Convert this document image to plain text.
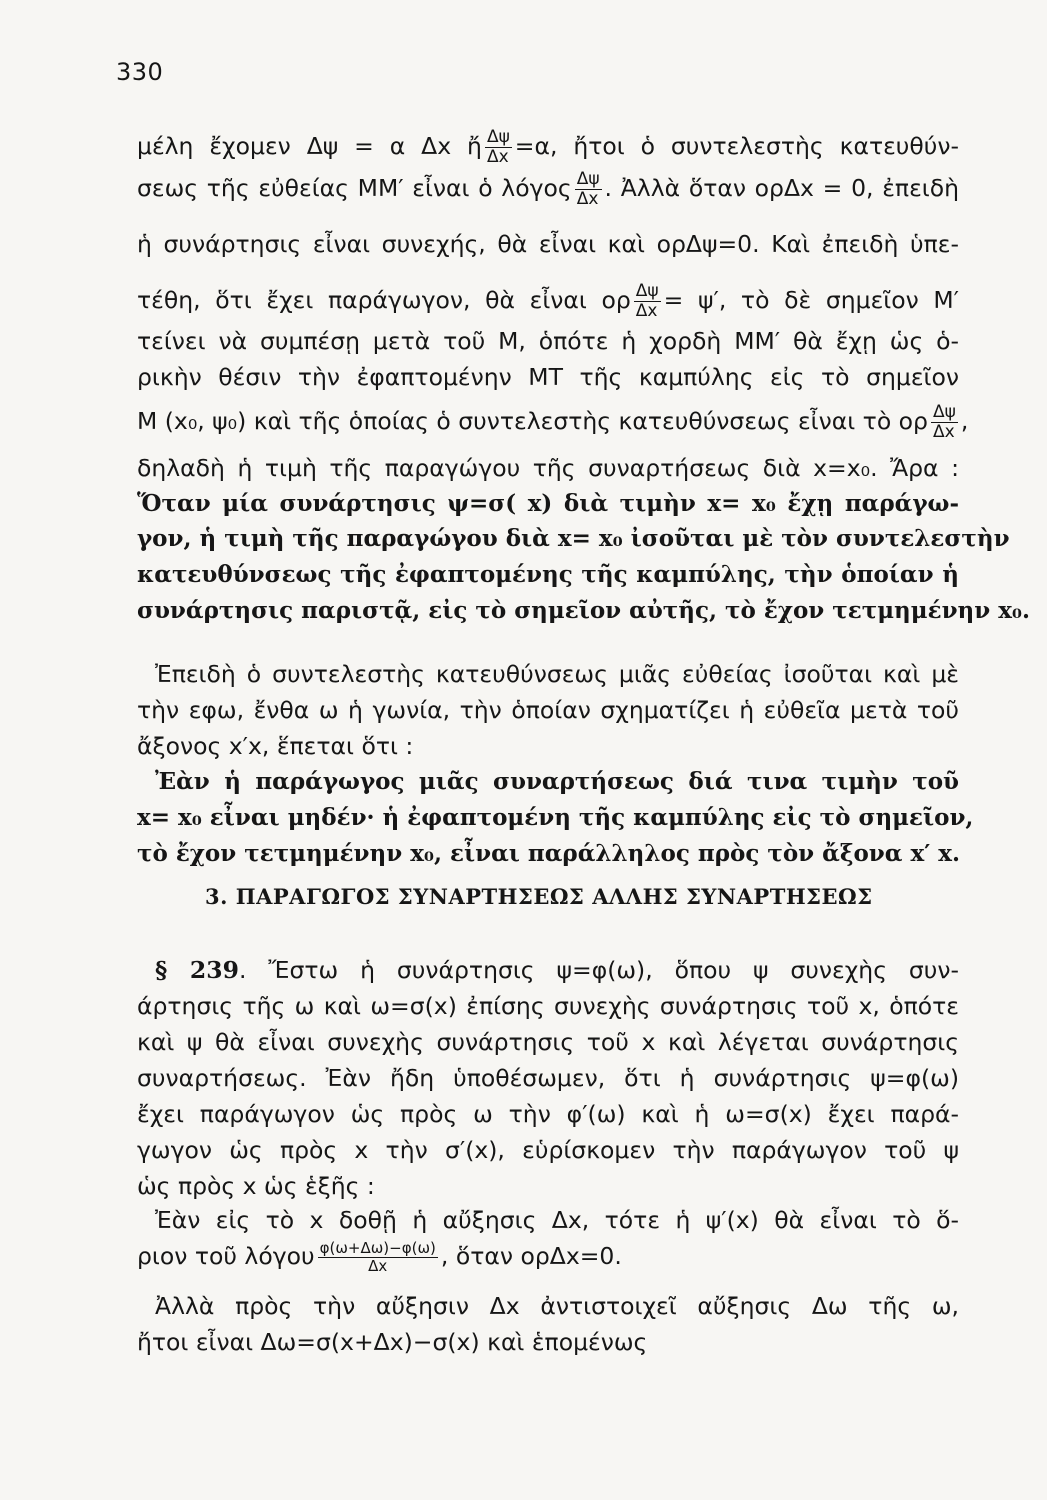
330
μέλη ἔχομεν Δψ = α Δx ἤ $\frac{\Delta\psi}{\Delta x} =\alpha$, ἤτοι ὁ συντελεστὴς κατευθύν-
σεως τῆς εὐθείας ΜΜ′ εἶναι ὁ λόγος $\frac{\Delta\psi}{\Delta x}$ . Ἀλλὰ ὅταν ορΔx = 0, ἐπειδὴ
ἡ συνάρτησις εἶναι συνεχής, θὰ εἶναι καὶ ορΔψ=0. Καὶ ἐπειδὴ ὑπε-
τέθη, ὅτι ἔχει παράγωγον, θὰ εἶναι ορ $\frac{\Delta\psi}{\Delta x} = \psi'$, τὸ δὲ σημεῖον Μ′
τείνει νὰ συμπέσῃ μετὰ τοῦ Μ, ὁπότε ἡ χορδὴ ΜΜ′ θὰ ἔχῃ ὡς ὁ-
ρικὴν θέσιν τὴν ἐφαπτομένην ΜΤ τῆς καμπύλης εἰς τὸ σημεῖον
Μ (x₀, ψ₀) καὶ τῆς ὁποίας ὁ συντελεστὴς κατευθύνσεως εἶναι τὸ ορ $\frac{\Delta\psi}{\Delta x}$ ,
δηλαδὴ ἡ τιμὴ τῆς παραγώγου τῆς συναρτήσεως διὰ x=x₀. Ἄρα :
Ὅταν μία συνάρτησις ψ=σ( x) διὰ τιμὴν x= x₀ ἔχῃ παράγω-
γον, ἡ τιμὴ τῆς παραγώγου διὰ x= x₀ ἰσοῦται μὲ τὸν συντελεστὴν
κατευθύνσεως τῆς ἐφαπτομένης τῆς καμπύλης, τὴν ὁποίαν ἡ
συνάρτησις παριστᾷ, εἰς τὸ σημεῖον αὐτῆς, τὸ ἔχον τετμημένην x₀.
Ἐπειδὴ ὁ συντελεστὴς κατευθύνσεως μιᾶς εὐθείας ἰσοῦται καὶ μὲ
τὴν εφω, ἔνθα ω ἡ γωνία, τὴν ὁποίαν σχηματίζει ἡ εὐθεῖα μετὰ τοῦ
ἄξονος x′x, ἕπεται ὅτι :
Ἐὰν ἡ παράγωγος μιᾶς συναρτήσεως διά τινα τιμὴν τοῦ
x= x₀ εἶναι μηδέν· ἡ ἐφαπτομένη τῆς καμπύλης εἰς τὸ σημεῖον,
τὸ ἔχον τετμημένην x₀, εἶναι παράλληλος πρὸς τὸν ἄξονα x′ x.
3. ΠΑΡΑΓΩΓΟΣ ΣΥΝΑΡΤΗΣΕΩΣ ΑΛΛΗΣ ΣΥΝΑΡΤΗΣΕΩΣ
§ 239. Ἔστω ἡ συνάρτησις ψ=φ(ω), ὅπου ψ συνεχὴς συν-
άρτησις τῆς ω καὶ ω=σ(x) ἐπίσης συνεχὴς συνάρτησις τοῦ x, ὁπότε
καὶ ψ θὰ εἶναι συνεχὴς συνάρτησις τοῦ x καὶ λέγεται συνάρτησις
συναρτήσεως. Ἐὰν ἤδη ὑποθέσωμεν, ὅτι ἡ συνάρτησις ψ=φ(ω)
ἔχει παράγωγον ὡς πρὸς ω τὴν φ′(ω) καὶ ἡ ω=σ(x) ἔχει παρά-
γωγον ὡς πρὸς x τὴν σ′(x), εὑρίσκομεν τὴν παράγωγον τοῦ ψ
ὡς πρὸς x ὡς ἑξῆς :
Ἐὰν εἰς τὸ x δοθῇ ἡ αὔξησις Δx, τότε ἡ ψ′(x) θὰ εἶναι τὸ ὅ-
ριον τοῦ λόγου $\frac{\varphi(\omega+\Delta\omega)-\varphi(\omega)}{\Delta x}$ , ὅταν ορΔx=0.
Ἀλλὰ πρὸς τὴν αὔξησιν Δx ἀντιστοιχεῖ αὔξησις Δω τῆς ω,
ἤτοι εἶναι Δω=σ(x+Δx)−σ(x) καὶ ἑπομένως
